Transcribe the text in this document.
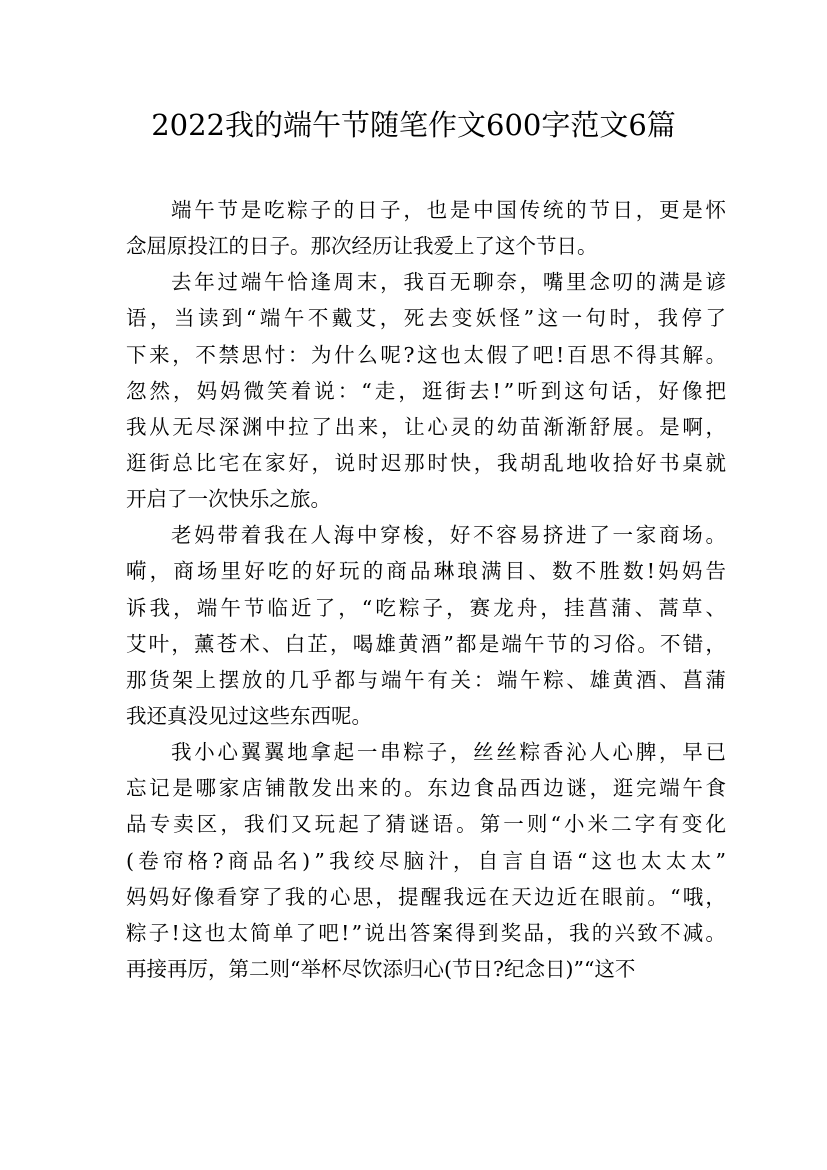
2022我的端午节随笔作文600字范文6篇
端午节是吃粽子的日子，也是中国传统的节日，更是怀
念屈原投江的日子。那次经历让我爱上了这个节日。
去年过端午恰逢周末，我百无聊奈，嘴里念叨的满是谚
语，当读到“端午不戴艾，死去变妖怪”这一句时，我停了
下来，不禁思忖：为什么呢?这也太假了吧!百思不得其解。
忽然，妈妈微笑着说：“走，逛街去!”听到这句话，好像把
我从无尽深渊中拉了出来，让心灵的幼苗渐渐舒展。是啊，
逛街总比宅在家好，说时迟那时快，我胡乱地收拾好书桌就
开启了一次快乐之旅。
老妈带着我在人海中穿梭，好不容易挤进了一家商场。
嗬，商场里好吃的好玩的商品琳琅满目、数不胜数!妈妈告
诉我，端午节临近了，“吃粽子，赛龙舟，挂菖蒲、蒿草、
艾叶，薰苍术、白芷，喝雄黄酒”都是端午节的习俗。不错，
那货架上摆放的几乎都与端午有关：端午粽、雄黄酒、菖蒲
我还真没见过这些东西呢。
我小心翼翼地拿起一串粽子，丝丝粽香沁人心脾，早已
忘记是哪家店铺散发出来的。东边食品西边谜，逛完端午食
品专卖区，我们又玩起了猜谜语。第一则“小米二字有变化
(卷帘格?商品名)”我绞尽脑汁，自言自语“这也太太太”
妈妈好像看穿了我的心思，提醒我远在天边近在眼前。“哦，
粽子!这也太简单了吧!”说出答案得到奖品，我的兴致不减。
再接再厉，第二则“举杯尽饮添归心(节日?纪念日)”“这不
